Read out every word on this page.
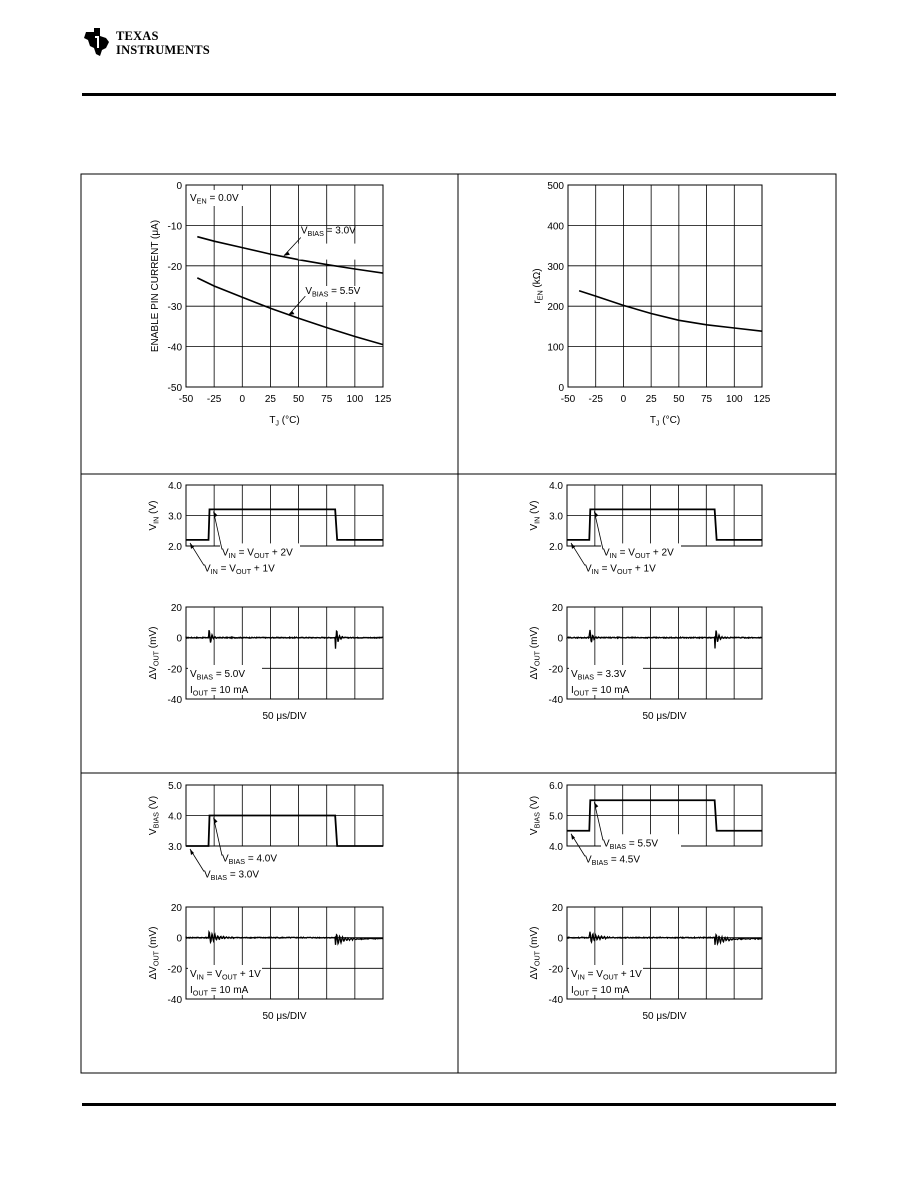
TEXAS
INSTRUMENTS
-50 -25 0 25 50 75 100 125
0
-10
-20
-30
-40
-50
$T_J$ (°C)
ENABLE PIN CURRENT (μA)
$V_{EN} = 0.0V$
$V_{BIAS} = 3.0V$
$V_{BIAS} = 5.5V$
-50 -25 0 25 50 75 100 125
0
100
200
300
400
500
$T_J$ (°C)
$r_{EN}$ (kΩ)
4.0
3.0
2.0
20
0
-20
-40
$V_{IN}$ (V)
$\Delta V_{OUT}$ (mV)
50 μs/DIV
$V_{IN} = V_{OUT} + 2V$
$V_{IN} = V_{OUT} + 1V$
$V_{BIAS} = 5.0V$
$I_{OUT} = 10$ mA
4.0
3.0
2.0
20
0
-20
-40
$V_{IN}$ (V)
$\Delta V_{OUT}$ (mV)
50 μs/DIV
$V_{IN} = V_{OUT} + 2V$
$V_{IN} = V_{OUT} + 1V$
$V_{BIAS} = 3.3V$
$I_{OUT} = 10$ mA
5.0
4.0
3.0
20
0
-20
-40
$V_{BIAS}$ (V)
$\Delta V_{OUT}$ (mV)
50 μs/DIV
$V_{BIAS} = 4.0V$
$V_{BIAS} = 3.0V$
$V_{IN} = V_{OUT} + 1V$
$I_{OUT} = 10$ mA
6.0
5.0
4.0
20
0
-20
-40
$V_{BIAS}$ (V)
$\Delta V_{OUT}$ (mV)
50 μs/DIV
$V_{BIAS} = 5.5V$
$V_{BIAS} = 4.5V$
$V_{IN} = V_{OUT} + 1V$
$I_{OUT} = 10$ mA
